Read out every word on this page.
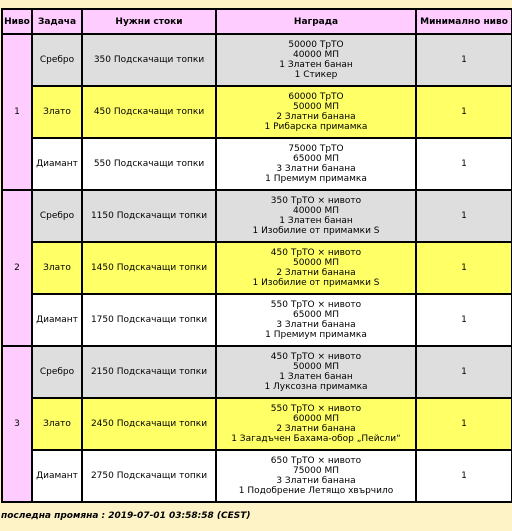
Ниво	Задача	Нужни стоки	Награда	Минимално ниво
1	Сребро	350 Подскачащи топки	50000 ТрТО
40000 МП
1 Златен банан
1 Стикер	1
	Злато	450 Подскачащи топки	60000 ТрТО
50000 МП
2 Златни банана
1 Рибарска примамка	1
	Диамант	550 Подскачащи топки	75000 ТрТО
65000 МП
3 Златни банана
1 Премиум примамка	1
2	Сребро	1150 Подскачащи топки	350 ТрТО × нивото
40000 МП
1 Златен банан
1 Изобилие от примамки S	1
	Злато	1450 Подскачащи топки	450 ТрТО × нивото
50000 МП
2 Златни банана
1 Изобилие от примамки S	1
	Диамант	1750 Подскачащи топки	550 ТрТО × нивото
65000 МП
3 Златни банана
1 Премиум примамка	1
3	Сребро	2150 Подскачащи топки	450 ТрТО × нивото
50000 МП
1 Златен банан
1 Луксозна примамка	1
	Злато	2450 Подскачащи топки	550 ТрТО × нивото
60000 МП
2 Златни банана
1 Загадъчен Бахама-обор „Пейсли“	1
	Диамант	2750 Подскачащи топки	650 ТрТО × нивото
75000 МП
3 Златни банана
1 Подобрение Летящо хвърчило	1
последна промяна : 2019-07-01 03:58:58 (CEST)
